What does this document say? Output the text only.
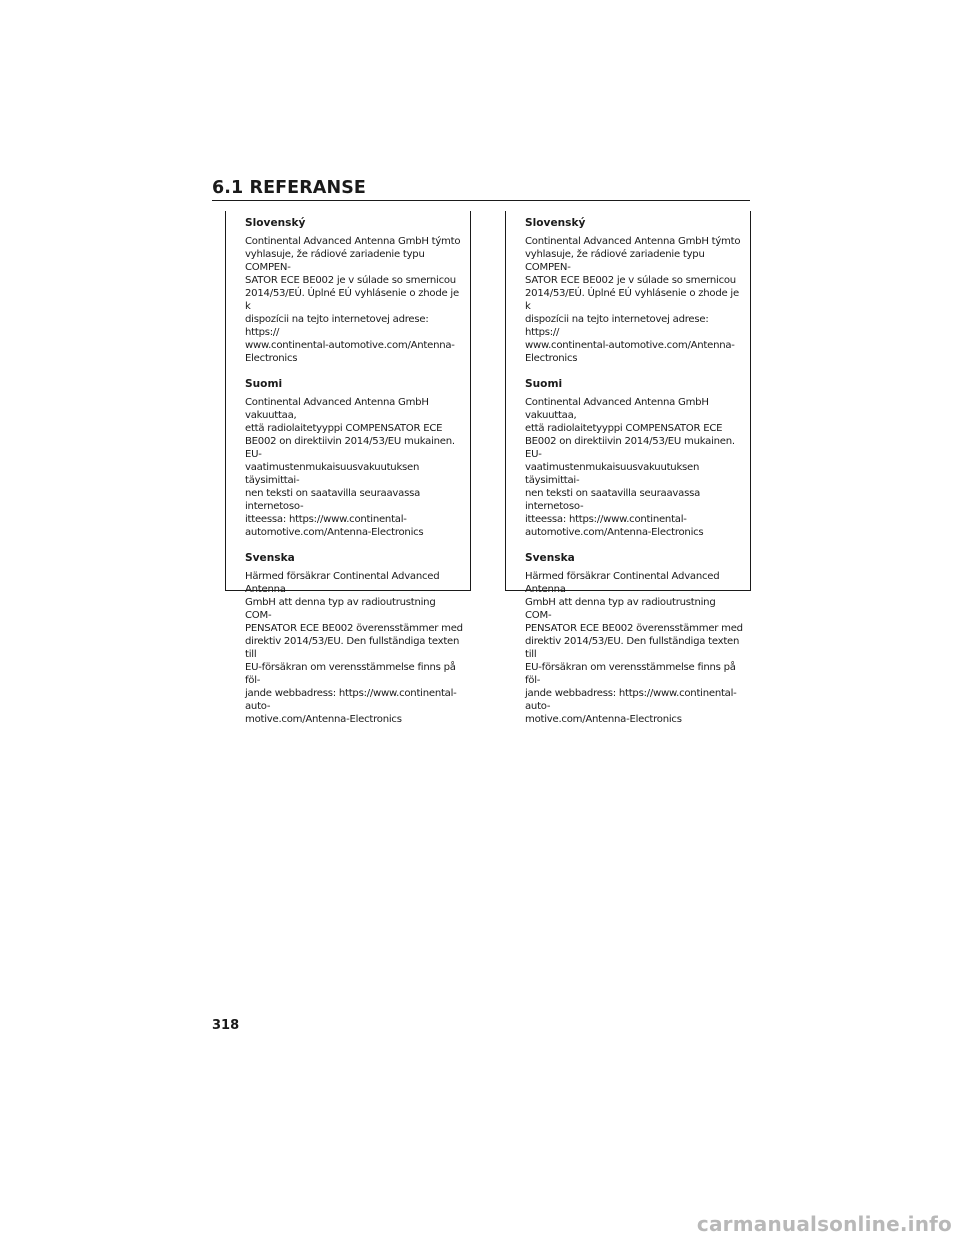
6.1 REFERANSE
Slovenský

Continental Advanced Antenna GmbH týmto
vyhlasuje, že rádiové zariadenie typu COMPEN-
SATOR ECE BE002 je v súlade so smernicou
2014/53/EÚ. Úplné EÚ vyhlásenie o zhode je k
dispozícii na tejto internetovej adrese: https://
www.continental-automotive.com/Antenna-
Electronics

Suomi

Continental Advanced Antenna GmbH vakuuttaa,
että radiolaitetyyppi COMPENSATOR ECE
BE002 on direktiivin 2014/53/EU mukainen. EU-
vaatimustenmukaisuusvakuutuksen täysimittai-
nen teksti on saatavilla seuraavassa internetoso-
itteessa: https://www.continental-
automotive.com/Antenna-Electronics

Svenska

Härmed försäkrar Continental Advanced Antenna
GmbH att denna typ av radioutrustning COM-
PENSATOR ECE BE002 överensstämmer med
direktiv 2014/53/EU. Den fullständiga texten till
EU-försäkran om verensstämmelse finns på föl-
jande webbadress: https://www.continental-auto-
motive.com/Antenna-Electronics

Slovenský

Continental Advanced Antenna GmbH týmto
vyhlasuje, že rádiové zariadenie typu COMPEN-
SATOR ECE BE002 je v súlade so smernicou
2014/53/EÚ. Úplné EÚ vyhlásenie o zhode je k
dispozícii na tejto internetovej adrese: https://
www.continental-automotive.com/Antenna-
Electronics

Suomi

Continental Advanced Antenna GmbH vakuuttaa,
että radiolaitetyyppi COMPENSATOR ECE
BE002 on direktiivin 2014/53/EU mukainen. EU-
vaatimustenmukaisuusvakuutuksen täysimittai-
nen teksti on saatavilla seuraavassa internetoso-
itteessa: https://www.continental-
automotive.com/Antenna-Electronics

Svenska

Härmed försäkrar Continental Advanced Antenna
GmbH att denna typ av radioutrustning COM-
PENSATOR ECE BE002 överensstämmer med
direktiv 2014/53/EU. Den fullständiga texten till
EU-försäkran om verensstämmelse finns på föl-
jande webbadress: https://www.continental-auto-
motive.com/Antenna-Electronics

318
carmanualsonline.info
